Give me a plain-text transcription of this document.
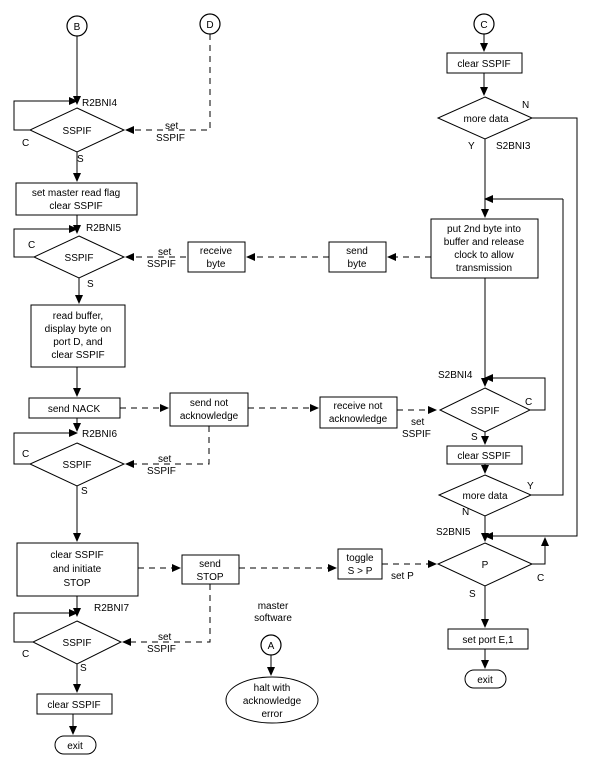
B
R2BNI4
SSPIF
C
S
set master read flag
clear SSPIF
R2BNI5
SSPIF
C
S
read buffer,
display byte on
port D, and
clear SSPIF
send NACK
R2BNI6
SSPIF
C
S
clear SSPIF
and initiate
STOP
R2BNI7
SSPIF
C
S
clear SSPIF
exit
D
set
SSPIF
set
SSPIF
receive
byte
send not
acknowledge
set
SSPIF
send
STOP
set
SSPIF
master
software
A
halt with
acknowledge
error
send
byte
receive not
acknowledge set
SSPIF
toggle
S > P set P
C
clear SSPIF
more data
N
Y S2BNI3
put 2nd byte into
buffer and release
clock to allow
transmission
S2BNI4
SSPIF
C
S
clear SSPIF
more data
Y
N
S2BNI5
P
C
S
set port E,1
exit
